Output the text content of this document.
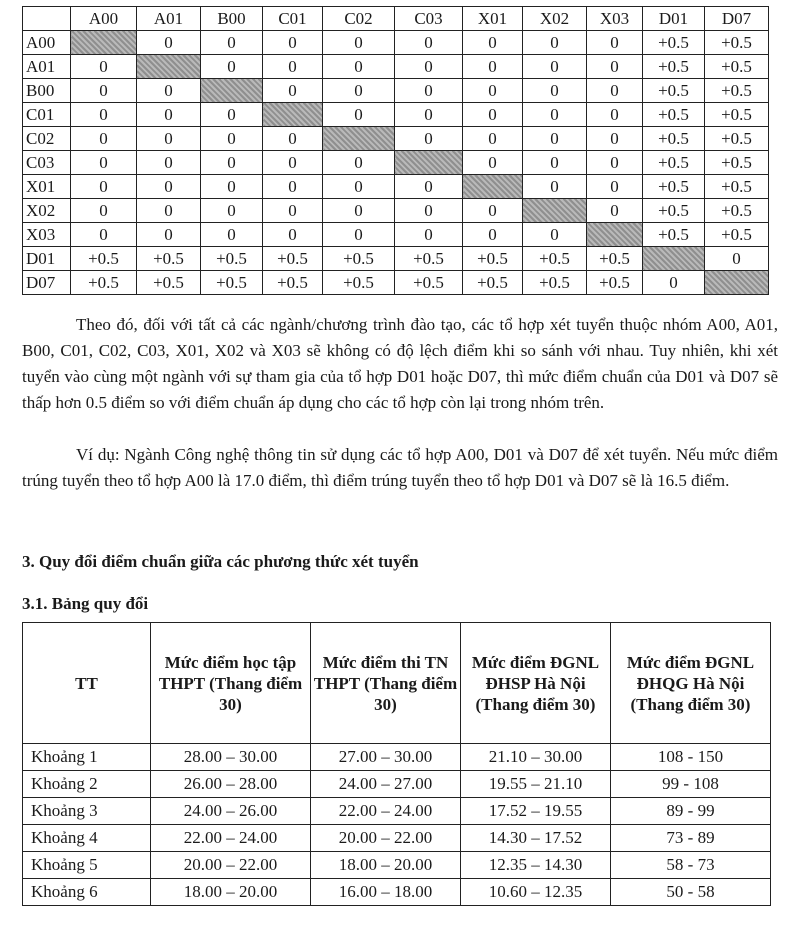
	A00	A01	B00	C01	C02	C03	X01	X02	X03	D01	D07
A00		0	0	0	0	0	0	0	0	+0.5	+0.5
A01	0		0	0	0	0	0	0	0	+0.5	+0.5
B00	0	0		0	0	0	0	0	0	+0.5	+0.5
C01	0	0	0		0	0	0	0	0	+0.5	+0.5
C02	0	0	0	0		0	0	0	0	+0.5	+0.5
C03	0	0	0	0	0		0	0	0	+0.5	+0.5
X01	0	0	0	0	0	0		0	0	+0.5	+0.5
X02	0	0	0	0	0	0	0		0	+0.5	+0.5
X03	0	0	0	0	0	0	0	0		+0.5	+0.5
D01	+0.5	+0.5	+0.5	+0.5	+0.5	+0.5	+0.5	+0.5	+0.5		0
D07	+0.5	+0.5	+0.5	+0.5	+0.5	+0.5	+0.5	+0.5	+0.5	0	

Theo đó, đối với tất cả các ngành/chương trình đào tạo, các tổ hợp xét tuyển thuộc nhóm A00, A01, B00, C01, C02, C03, X01, X02 và X03 sẽ không có độ lệch điểm khi so sánh với nhau. Tuy nhiên, khi xét tuyển vào cùng một ngành với sự tham gia của tổ hợp D01 hoặc D07, thì mức điểm chuẩn của D01 và D07 sẽ thấp hơn 0.5 điểm so với điểm chuẩn áp dụng cho các tổ hợp còn lại trong nhóm trên.

Ví dụ: Ngành Công nghệ thông tin sử dụng các tổ hợp A00, D01 và D07 để xét tuyển. Nếu mức điểm trúng tuyển theo tổ hợp A00 là 17.0 điểm, thì điểm trúng tuyển theo tổ hợp D01 và D07 sẽ là 16.5 điểm.

3. Quy đổi điểm chuẩn giữa các phương thức xét tuyển
3.1. Bảng quy đổi
TT	Mức điểm học tập THPT (Thang điểm 30)	Mức điểm thi TN THPT (Thang điểm 30)	Mức điểm ĐGNL ĐHSP Hà Nội (Thang điểm 30)	Mức điểm ĐGNL ĐHQG Hà Nội (Thang điểm 30)
Khoảng 1	28.00 – 30.00	27.00 – 30.00	21.10 – 30.00	108 - 150
Khoảng 2	26.00 – 28.00	24.00 – 27.00	19.55 – 21.10	99 - 108
Khoảng 3	24.00 – 26.00	22.00 – 24.00	17.52 – 19.55	89 - 99
Khoảng 4	22.00 – 24.00	20.00 – 22.00	14.30 – 17.52	73 - 89
Khoảng 5	20.00 – 22.00	18.00 – 20.00	12.35 – 14.30	58 - 73
Khoảng 6	18.00 – 20.00	16.00 – 18.00	10.60 – 12.35	50 - 58
